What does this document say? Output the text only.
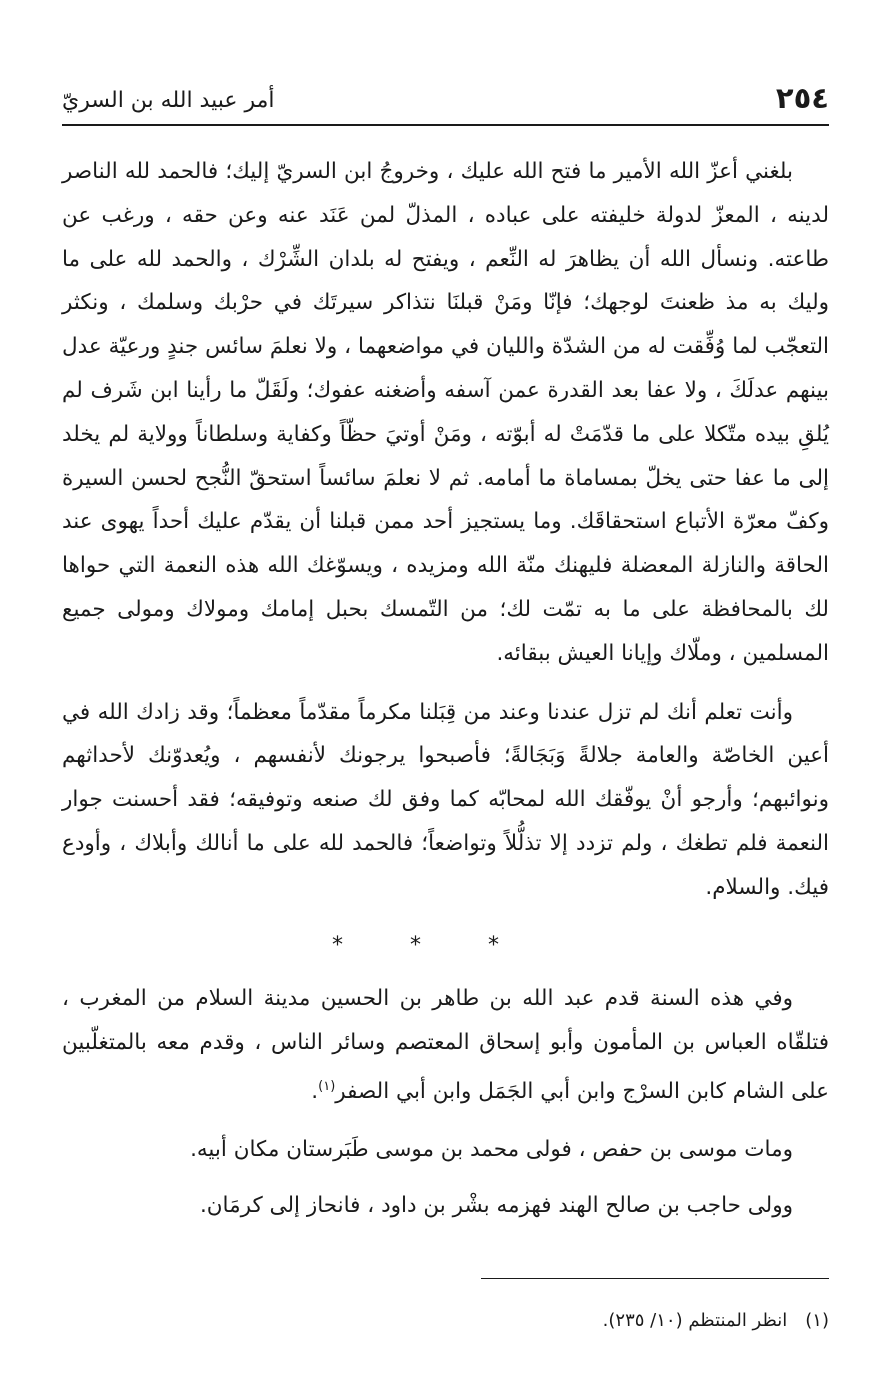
٢٥٤
أمر عبيد الله بن السريّ

بلغني أعزّ الله الأمير ما فتح الله عليك ، وخروجُ ابن السريّ إليك؛ فالحمد لله الناصر لدينه ، المعزّ لدولة خليفته على عباده ، المذلّ لمن عَنَد عنه وعن حقه ، ورغب عن طاعته. ونسأل الله أن يظاهرَ له النِّعم ، ويفتح له بلدان الشِّرْك ، والحمد لله على ما وليك به مذ ظعنتَ لوجهك؛ فإنّا ومَنْ قبلنَا نتذاكر سيرتَك في حرْبك وسلمك ، ونكثر التعجّب لما وُفِّقت له من الشدّة والليان في مواضعهما ، ولا نعلمَ سائس جندٍ ورعيّة عدل بينهم عدلَكَ ، ولا عفا بعد القدرة عمن آسفه وأضغنه عفوك؛ ولَقَلّ ما رأينا ابن شَرف لم يُلقِ بيده متّكلا على ما قدّمَتْ له أبوّته ، ومَنْ أوتيَ حظّاً وكفاية وسلطاناً وولاية لم يخلد إلى ما عفا حتى يخلّ بمساماة ما أمامه. ثم لا نعلمَ سائساً استحقّ النُّجح لحسن السيرة وكفّ معرّة الأتباع استحقاقَك. وما يستجيز أحد ممن قبلنا أن يقدّم عليك أحداً يهوى عند الحاقة والنازلة المعضلة فليهنك منّة الله ومزيده ، ويسوّغك الله هذه النعمة التي حواها لك بالمحافظة على ما به تمّت لك؛ من التّمسك بحبل إمامك ومولاك ومولى جميع المسلمين ، وملّاك وإيانا العيش ببقائه.

وأنت تعلم أنك لم تزل عندنا وعند من قِبَلنا مكرماً مقدّماً معظماً؛ وقد زادك الله في أعين الخاصّة والعامة جلالةً وَبَجَالةً؛ فأصبحوا يرجونك لأنفسهم ، ويُعدوّنك لأحداثهم ونوائبهم؛ وأرجو أنْ يوفّقك الله لمحابّه كما وفق لك صنعه وتوفيقه؛ فقد أحسنت جوار النعمة فلم تطغك ، ولم تزدد إلا تذلُّلاً وتواضعاً؛ فالحمد لله على ما أنالك وأبلاك ، وأودع فيك. والسلام.

* * *

وفي هذه السنة قدم عبد الله بن طاهر بن الحسين مدينة السلام من المغرب ، فتلقّاه العباس بن المأمون وأبو إسحاق المعتصم وسائر الناس ، وقدم معه بالمتغلّبين على الشام كابن السرْج وابن أبي الجَمَل وابن أبي الصفر$^{(١)}$.

ومات موسى بن حفص ، فولى محمد بن موسى طَبَرستان مكان أبيه.

وولى حاجب بن صالح الهند فهزمه بشْر بن داود ، فانحاز إلى كرمَان.

(١)انظر المنتظم (١٠/ ٢٣٥).
